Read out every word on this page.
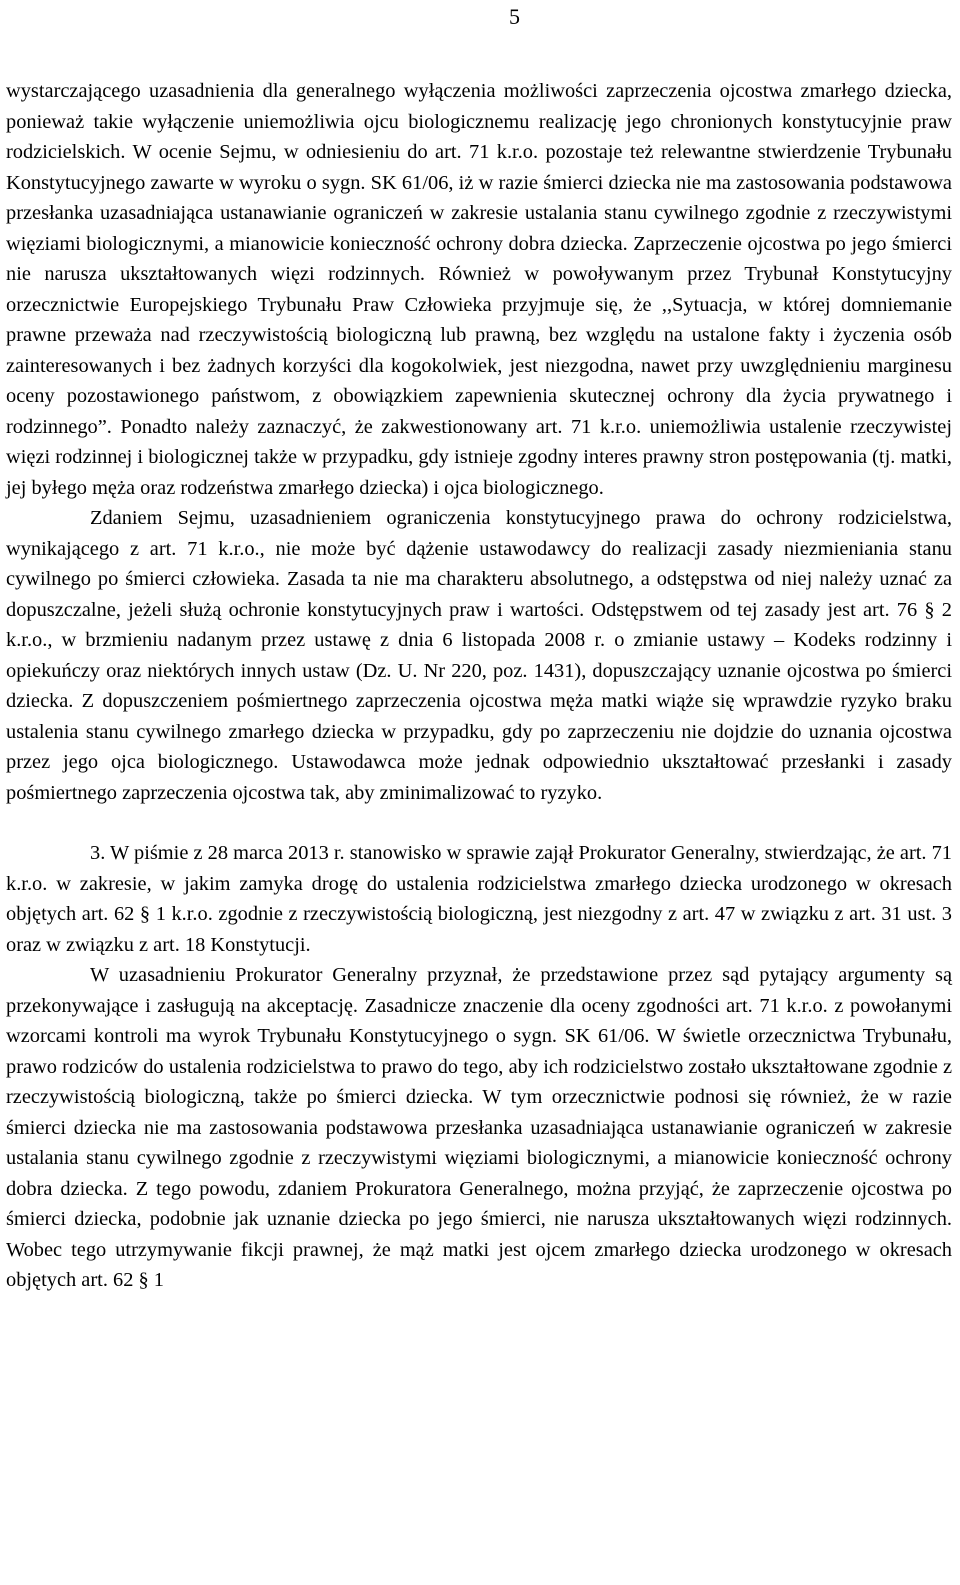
5

wystarczającego uzasadnienia dla generalnego wyłączenia możliwości zaprzeczenia ojcostwa zmarłego dziecka, ponieważ takie wyłączenie uniemożliwia ojcu biologicznemu realizację jego chronionych konstytucyjnie praw rodzicielskich. W ocenie Sejmu, w odniesieniu do art. 71 k.r.o. pozostaje też relewantne stwierdzenie Trybunału Konstytucyjnego zawarte w wyroku o sygn. SK 61/06, iż w razie śmierci dziecka nie ma zastosowania podstawowa przesłanka uzasadniająca ustanawianie ograniczeń w zakresie ustalania stanu cywilnego zgodnie z rzeczywistymi więziami biologicznymi, a mianowicie konieczność ochrony dobra dziecka. Zaprzeczenie ojcostwa po jego śmierci nie narusza ukształtowanych więzi rodzinnych. Również w powoływanym przez Trybunał Konstytucyjny orzecznictwie Europejskiego Trybunału Praw Człowieka przyjmuje się, że ,,Sytuacja, w której domniemanie prawne przeważa nad rzeczywistością biologiczną lub prawną, bez względu na ustalone fakty i życzenia osób zainteresowanych i bez żadnych korzyści dla kogokolwiek, jest niezgodna, nawet przy uwzględnieniu marginesu oceny pozostawionego państwom, z obowiązkiem zapewnienia skutecznej ochrony dla życia prywatnego i rodzinnego”. Ponadto należy zaznaczyć, że zakwestionowany art. 71 k.r.o. uniemożliwia ustalenie rzeczywistej więzi rodzinnej i biologicznej także w przypadku, gdy istnieje zgodny interes prawny stron postępowania (tj. matki, jej byłego męża oraz rodzeństwa zmarłego dziecka) i ojca biologicznego.

Zdaniem Sejmu, uzasadnieniem ograniczenia konstytucyjnego prawa do ochrony rodzicielstwa, wynikającego z art. 71 k.r.o., nie może być dążenie ustawodawcy do realizacji zasady niezmieniania stanu cywilnego po śmierci człowieka. Zasada ta nie ma charakteru absolutnego, a odstępstwa od niej należy uznać za dopuszczalne, jeżeli służą ochronie konstytucyjnych praw i wartości. Odstępstwem od tej zasady jest art. 76 § 2 k.r.o., w brzmieniu nadanym przez ustawę z dnia 6 listopada 2008 r. o zmianie ustawy – Kodeks rodzinny i opiekuńczy oraz niektórych innych ustaw (Dz. U. Nr 220, poz. 1431), dopuszczający uznanie ojcostwa po śmierci dziecka. Z dopuszczeniem pośmiertnego zaprzeczenia ojcostwa męża matki wiąże się wprawdzie ryzyko braku ustalenia stanu cywilnego zmarłego dziecka w przypadku, gdy po zaprzeczeniu nie dojdzie do uznania ojcostwa przez jego ojca biologicznego. Ustawodawca może jednak odpowiednio ukształtować przesłanki i zasady pośmiertnego zaprzeczenia ojcostwa tak, aby zminimalizować to ryzyko.

3. W piśmie z 28 marca 2013 r. stanowisko w sprawie zajął Prokurator Generalny, stwierdzając, że art. 71 k.r.o. w zakresie, w jakim zamyka drogę do ustalenia rodzicielstwa zmarłego dziecka urodzonego w okresach objętych art. 62 § 1 k.r.o. zgodnie z rzeczywistością biologiczną, jest niezgodny z art. 47 w związku z art. 31 ust. 3 oraz w związku z art. 18 Konstytucji.

W uzasadnieniu Prokurator Generalny przyznał, że przedstawione przez sąd pytający argumenty są przekonywające i zasługują na akceptację. Zasadnicze znaczenie dla oceny zgodności art. 71 k.r.o. z powołanymi wzorcami kontroli ma wyrok Trybunału Konstytucyjnego o sygn. SK 61/06. W świetle orzecznictwa Trybunału, prawo rodziców do ustalenia rodzicielstwa to prawo do tego, aby ich rodzicielstwo zostało ukształtowane zgodnie z rzeczywistością biologiczną, także po śmierci dziecka. W tym orzecznictwie podnosi się również, że w razie śmierci dziecka nie ma zastosowania podstawowa przesłanka uzasadniająca ustanawianie ograniczeń w zakresie ustalania stanu cywilnego zgodnie z rzeczywistymi więziami biologicznymi, a mianowicie konieczność ochrony dobra dziecka. Z tego powodu, zdaniem Prokuratora Generalnego, można przyjąć, że zaprzeczenie ojcostwa po śmierci dziecka, podobnie jak uznanie dziecka po jego śmierci, nie narusza ukształtowanych więzi rodzinnych. Wobec tego utrzymywanie fikcji prawnej, że mąż matki jest ojcem zmarłego dziecka urodzonego w okresach objętych art. 62 § 1
